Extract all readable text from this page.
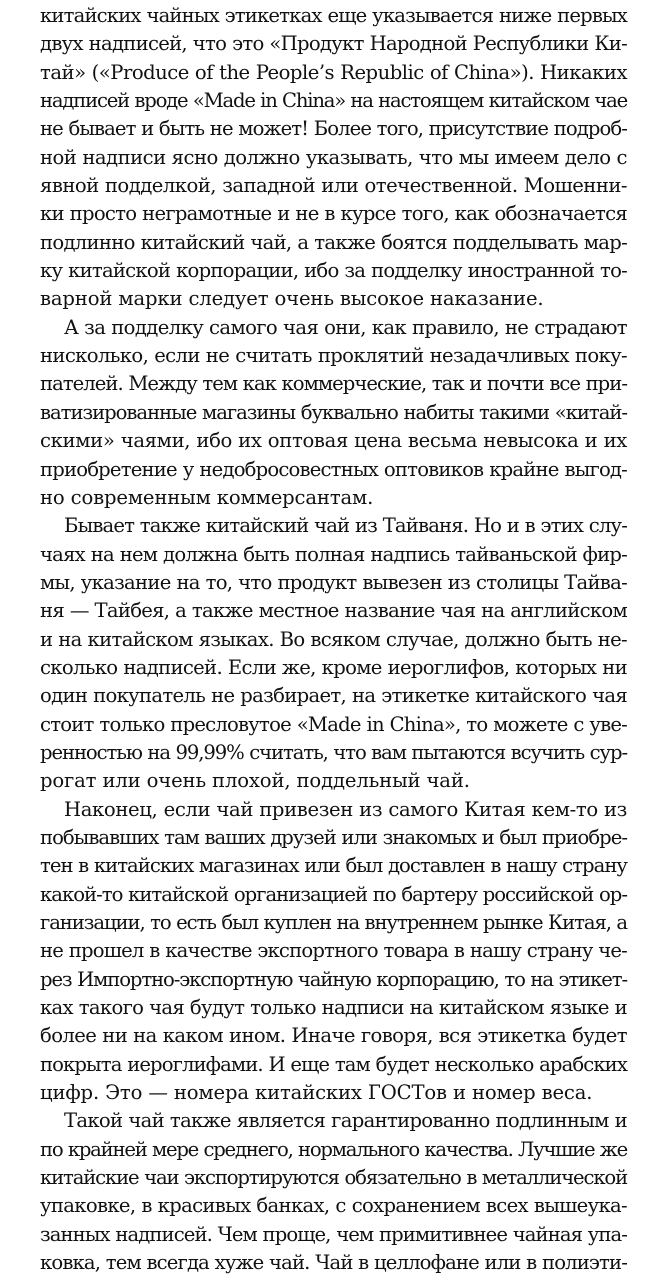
китайских чайных этикетках еще указывается ниже первых
двух надписей, что это «Продукт Народной Республики Ки-
тай» («Produce of the People’s Republic of China»). Никаких
надписей вроде «Made in China» на настоящем китайском чае
не бывает и быть не может! Более того, присутствие подроб-
ной надписи ясно должно указывать, что мы имеем дело с
явной подделкой, западной или отечественной. Мошенни-
ки просто неграмотные и не в курсе того, как обозначается
подлинно китайский чай, а также боятся подделывать мар-
ку китайской корпорации, ибо за подделку иностранной то-
варной марки следует очень высокое наказание.
А за подделку самого чая они, как правило, не страдают
нисколько, если не считать проклятий незадачливых поку-
пателей. Между тем как коммерческие, так и почти все при-
ватизированные магазины буквально набиты такими «китай-
скими» чаями, ибо их оптовая цена весьма невысока и их
приобретение у недобросовестных оптовиков крайне выгод-
но современным коммерсантам.
Бывает также китайский чай из Тайваня. Но и в этих слу-
чаях на нем должна быть полная надпись тайваньской фир-
мы, указание на то, что продукт вывезен из столицы Тайва-
ня — Тайбея, а также местное название чая на английском
и на китайском языках. Во всяком случае, должно быть не-
сколько надписей. Если же, кроме иероглифов, которых ни
один покупатель не разбирает, на этикетке китайского чая
стоит только пресловутое «Made in China», то можете с уве-
ренностью на 99,99% считать, что вам пытаются всучить сур-
рогат или очень плохой, поддельный чай.
Наконец, если чай привезен из самого Китая кем-то из
побывавших там ваших друзей или знакомых и был приобре-
тен в китайских магазинах или был доставлен в нашу страну
какой-то китайской организацией по бартеру российской ор-
ганизации, то есть был куплен на внутреннем рынке Китая, а
не прошел в качестве экспортного товара в нашу страну че-
рез Импортно-экспортную чайную корпорацию, то на этикет-
ках такого чая будут только надписи на китайском языке и
более ни на каком ином. Иначе говоря, вся этикетка будет
покрыта иероглифами. И еще там будет несколько арабских
цифр. Это — номера китайских ГОСТов и номер веса.
Такой чай также является гарантированно подлинным и
по крайней мере среднего, нормального качества. Лучшие же
китайские чаи экспортируются обязательно в металлической
упаковке, в красивых банках, с сохранением всех вышеука-
занных надписей. Чем проще, чем примитивнее чайная упа-
ковка, тем всегда хуже чай. Чай в целлофане или в полиэти-
